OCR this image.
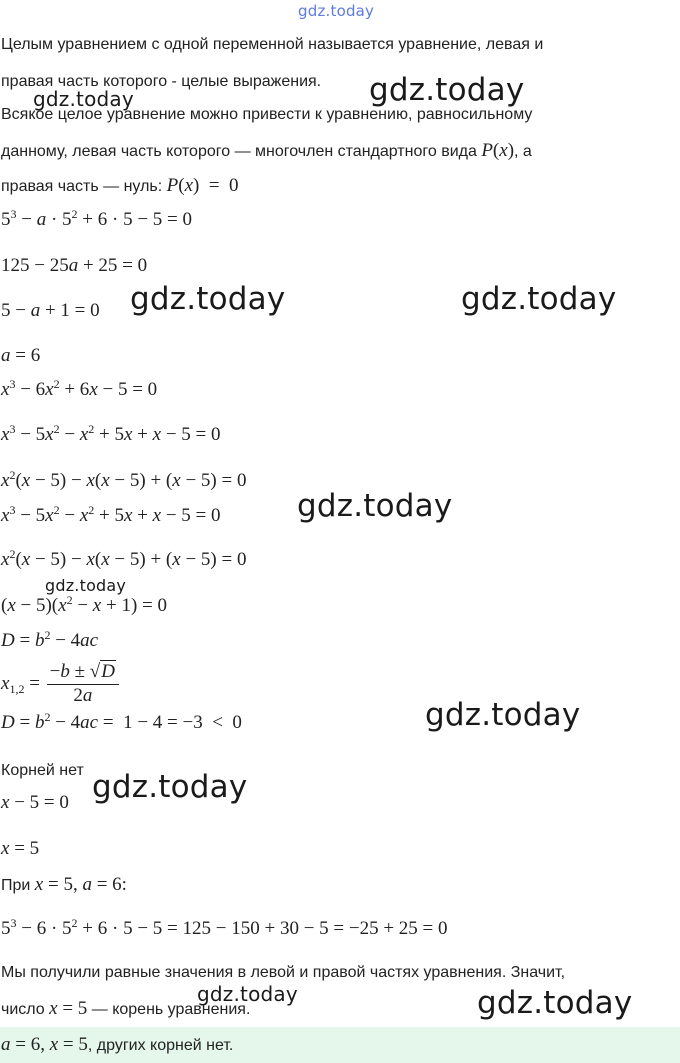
gdz.today
Целым уравнением с одной переменной называется уравнение, левая и
правая часть которого - целые выражения.
Всякое целое уравнение можно привести к уравнению, равносильному
данному, левая часть которого — многочлен стандартного вида P(x), а
правая часть — нуль: P(x)  =  0
$5^3 - a \cdot 5^2 + 6 \cdot 5 - 5 = 0$
125 − 25a + 25 = 0
5 − a + 1 = 0
a = 6
$x^3 - 6x^2 + 6x - 5 = 0$
$x^3 - 5x^2 - x^2 + 5x + x - 5 = 0$
$x^2(x - 5) - x(x - 5) + (x - 5) = 0$
$x^3 - 5x^2 - x^2 + 5x + x - 5 = 0$
$x^2(x - 5) - x(x - 5) + (x - 5) = 0$
$(x - 5)(x^2 - x + 1) = 0$
$D = b^2 - 4ac$
$x_{1,2} = \frac{-b \pm √D}{2a}$
$D = b^2 - 4ac = 1 - 4 = -3 < 0$
Корней нет
x − 5 = 0
x = 5
При x = 5, a = 6:
$5^3 - 6 \cdot 5^2 + 6 \cdot 5 - 5 = 125 - 150 + 30 - 5 = -25 + 25 = 0$
Мы получили равные значения в левой и правой частях уравнения. Значит,
число x = 5 — корень уравнения.
a = 6, x = 5, других корней нет.
gdz.today	gdz.today
gdz.today	gdz.today
gdz.today
gdz.today
gdz.today
gdz.today
gdz.today	gdz.today
